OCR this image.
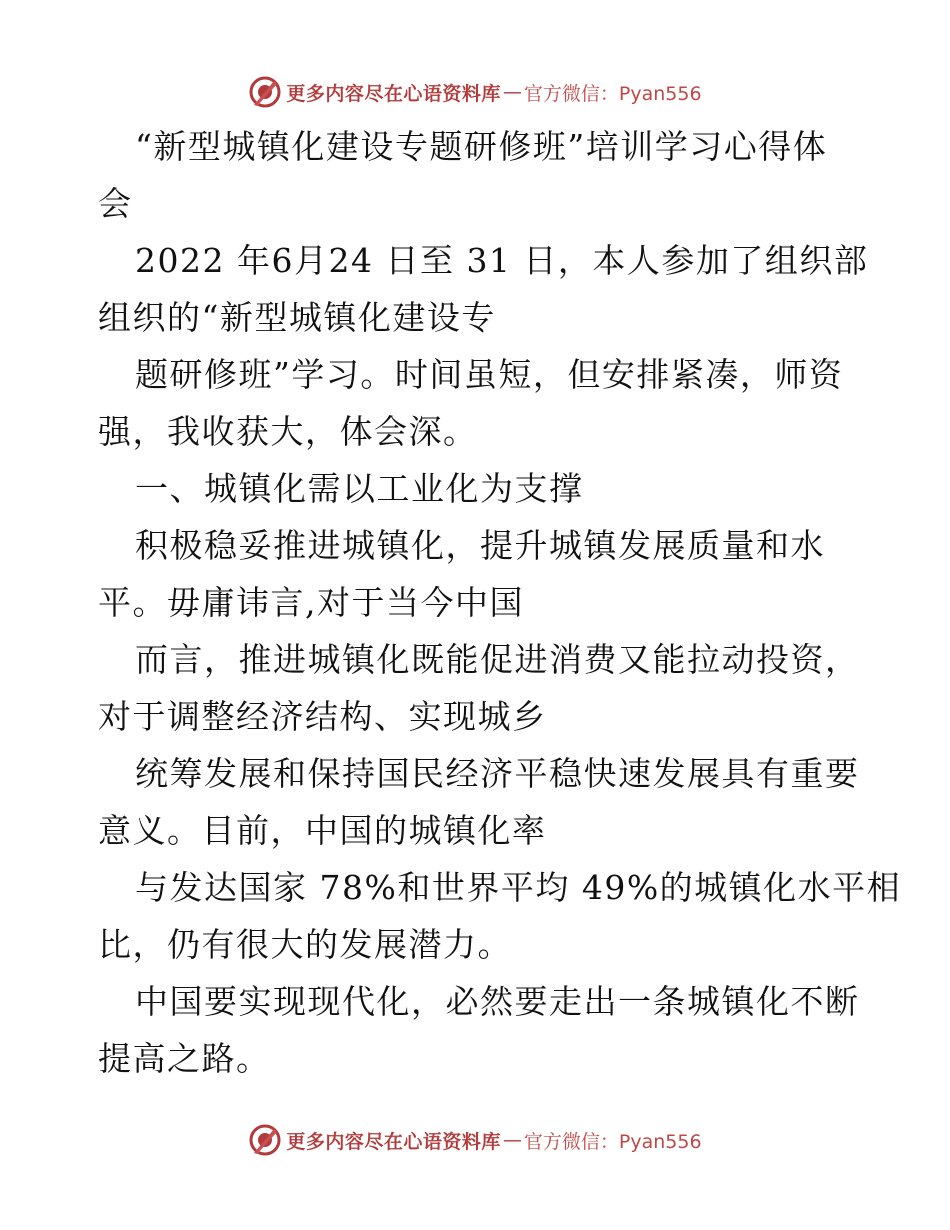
更多内容尽在心语资料库 — 官方微信：Pyan556
“新型城镇化建设专题研修班”培训学习心得体
会
2022 年6月24 日至 31 日，本人参加了组织部
组织的“新型城镇化建设专
题研修班”学习。时间虽短，但安排紧凑，师资
强，我收获大，体会深。
一、城镇化需以工业化为支撑
积极稳妥推进城镇化，提升城镇发展质量和水
平。毋庸讳言,对于当今中国
而言，推进城镇化既能促进消费又能拉动投资，
对于调整经济结构、实现城乡
统筹发展和保持国民经济平稳快速发展具有重要
意义。目前，中国的城镇化率
与发达国家 78%和世界平均 49%的城镇化水平相
比，仍有很大的发展潜力。
中国要实现现代化，必然要走出一条城镇化不断
提高之路。
更多内容尽在心语资料库 — 官方微信：Pyan556
